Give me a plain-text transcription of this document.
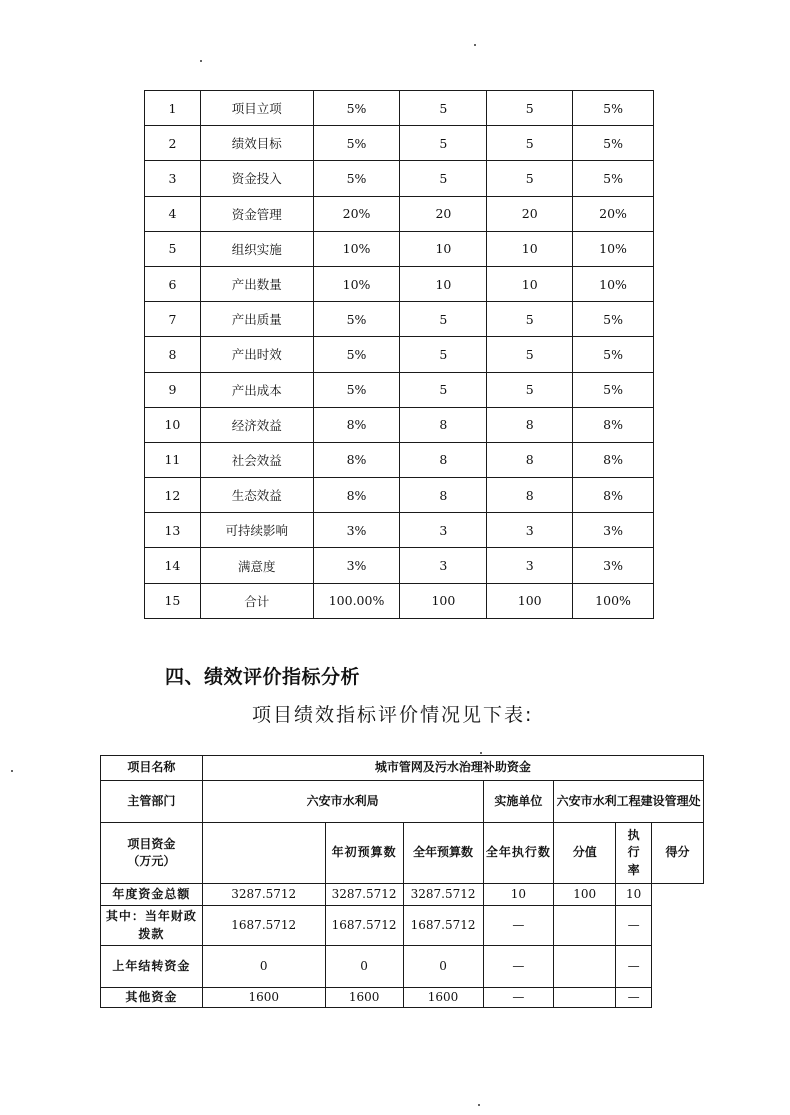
1	项目立项	5%	5	5	5%
2	绩效目标	5%	5	5	5%
3	资金投入	5%	5	5	5%
4	资金管理	20%	20	20	20%
5	组织实施	10%	10	10	10%
6	产出数量	10%	10	10	10%
7	产出质量	5%	5	5	5%
8	产出时效	5%	5	5	5%
9	产出成本	5%	5	5	5%
10	经济效益	8%	8	8	8%
11	社会效益	8%	8	8	8%
12	生态效益	8%	8	8	8%
13	可持续影响	3%	3	3	3%
14	满意度	3%	3	3	3%
15	合计	100.00%	100	100	100%
四、绩效评价指标分析
项目绩效指标评价情况见下表:
项目名称	城市管网及污水治理补助资金						
主管部门	六安市水利局			实施单位	六安市水利工程建设管理处		
项目资金（万元）		年初预算数	全年预算数	全年执行数	分值	执行率	得分
年度资金总额	3287.5712	3287.5712	3287.5712	10	100	10	
其中：当年财政拨款	1687.5712	1687.5712	1687.5712	—		—	
上年结转资金	0	0	0	—		—	
其他资金	1600	1600	1600	—		—	
